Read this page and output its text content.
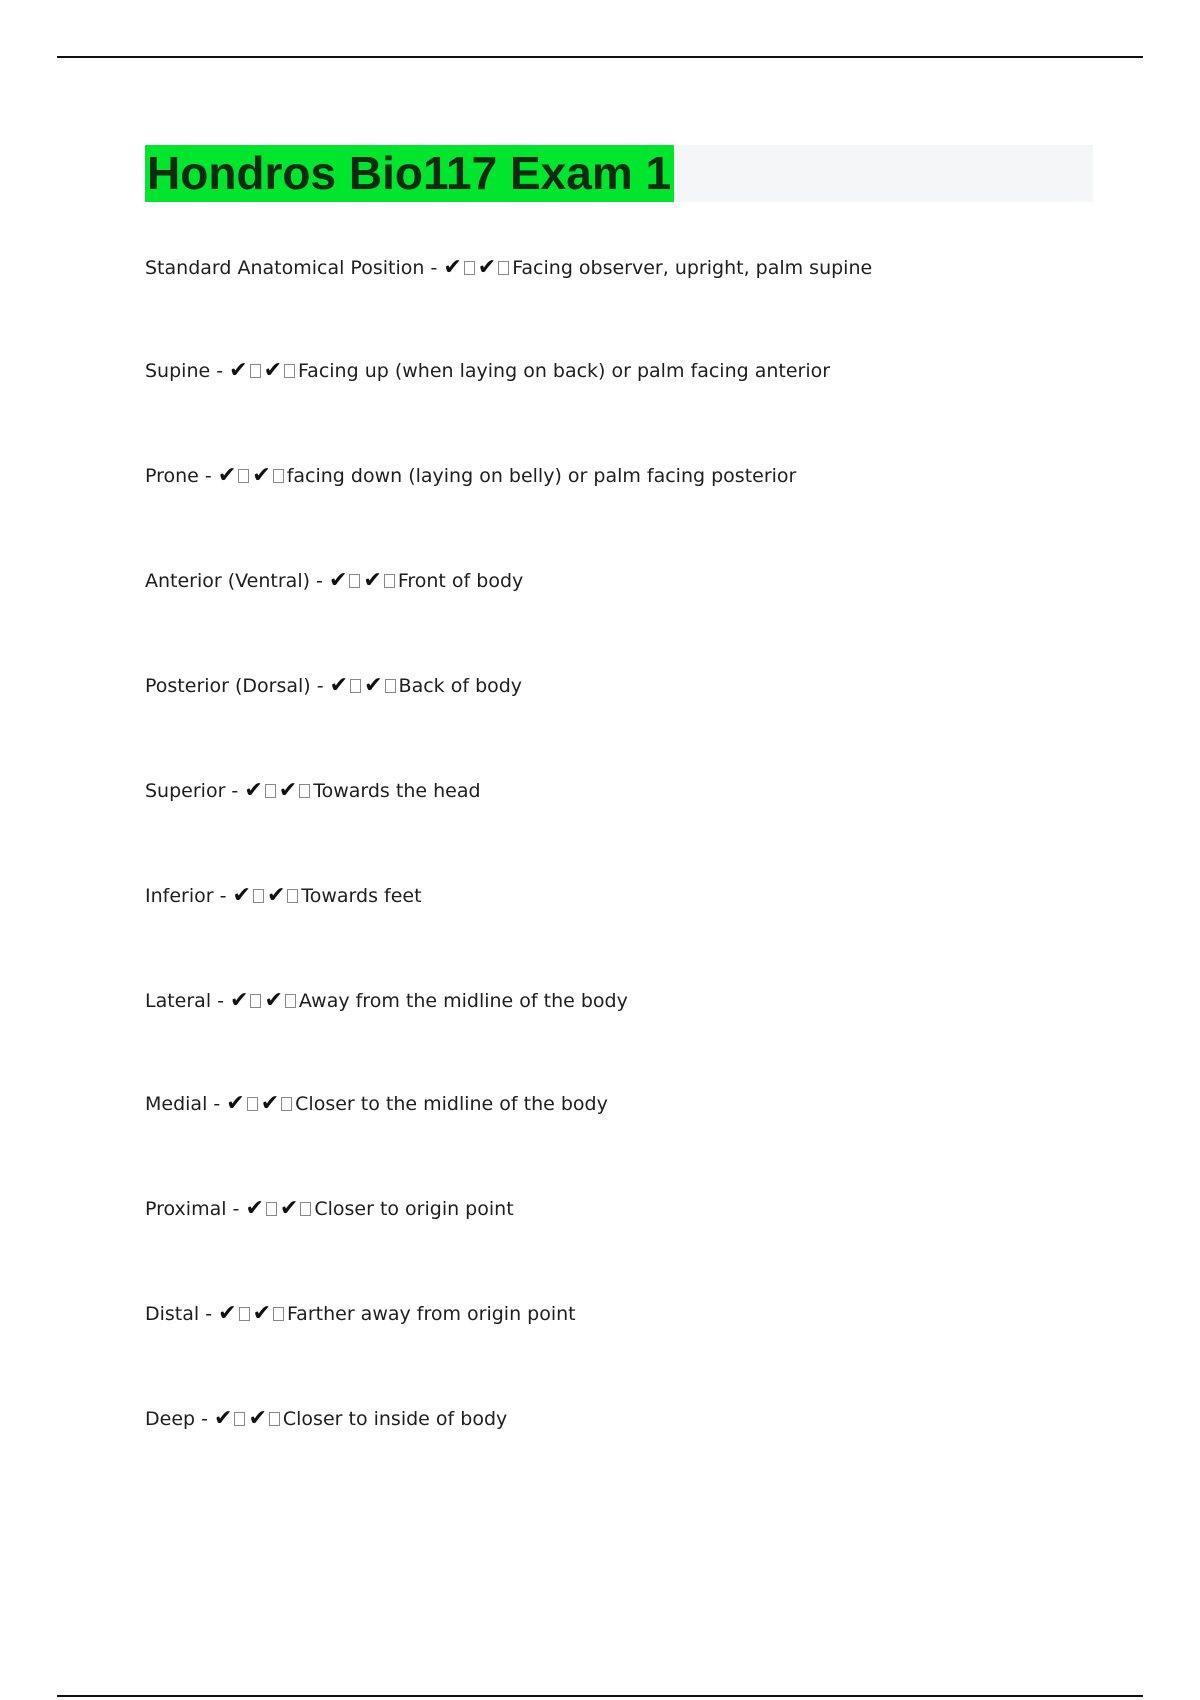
Hondros Bio117 Exam 1
Standard Anatomical Position - ✔ ✔ Facing observer, upright, palm supine
Supine - ✔ ✔ Facing up (when laying on back) or palm facing anterior
Prone - ✔ ✔ facing down (laying on belly) or palm facing posterior
Anterior (Ventral) - ✔ ✔ Front of body
Posterior (Dorsal) - ✔ ✔ Back of body
Superior - ✔ ✔ Towards the head
Inferior - ✔ ✔ Towards feet
Lateral - ✔ ✔ Away from the midline of the body
Medial - ✔ ✔ Closer to the midline of the body
Proximal - ✔ ✔ Closer to origin point
Distal - ✔ ✔ Farther away from origin point
Deep - ✔ ✔ Closer to inside of body
